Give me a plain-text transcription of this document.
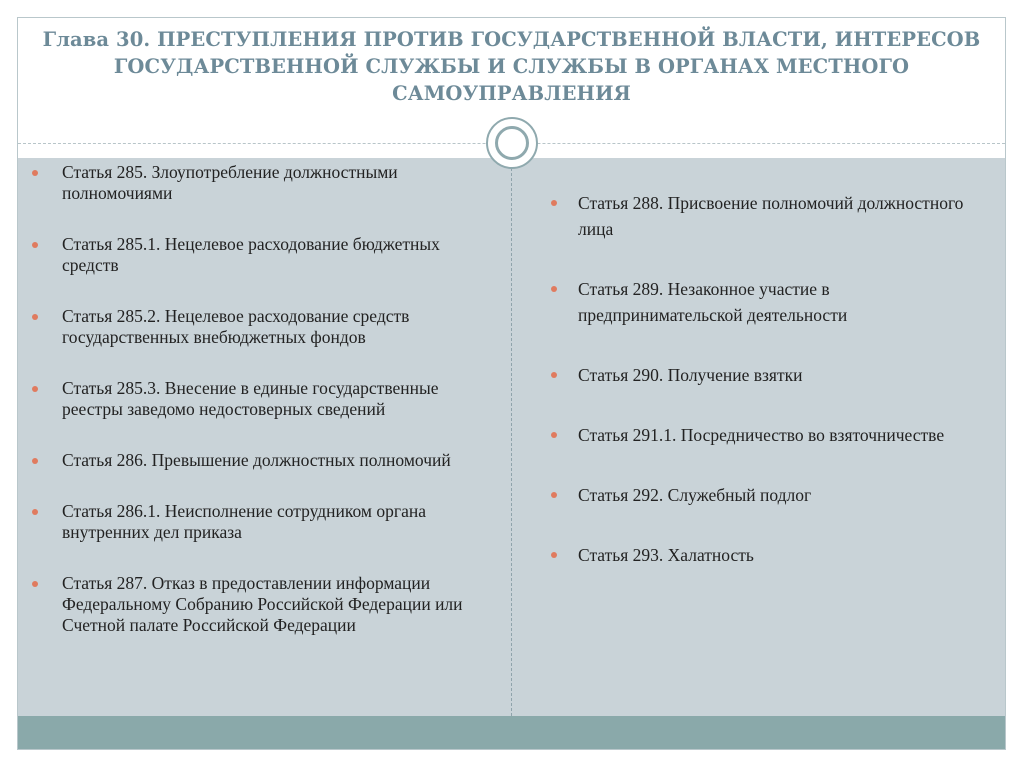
Глава 30. ПРЕСТУПЛЕНИЯ ПРОТИВ ГОСУДАРСТВЕННОЙ ВЛАСТИ, ИНТЕРЕСОВ ГОСУДАРСТВЕННОЙ СЛУЖБЫ И СЛУЖБЫ В ОРГАНАХ МЕСТНОГО САМОУПРАВЛЕНИЯ
Статья 285. Злоупотребление должностными полномочиями
Статья 285.1. Нецелевое расходование бюджетных средств
Статья 285.2. Нецелевое расходование средств государственных внебюджетных фондов
Статья 285.3. Внесение в единые государственные реестры заведомо недостоверных сведений
Статья 286. Превышение должностных полномочий
Статья 286.1. Неисполнение сотрудником органа внутренних дел приказа
Статья 287. Отказ в предоставлении информации Федеральному Собранию Российской Федерации или Счетной палате Российской Федерации
Статья 288. Присвоение полномочий должностного лица
Статья 289. Незаконное участие в предпринимательской деятельности
Статья 290. Получение взятки
Статья 291.1. Посредничество во взяточничестве
Статья 292. Служебный подлог
Статья 293. Халатность
